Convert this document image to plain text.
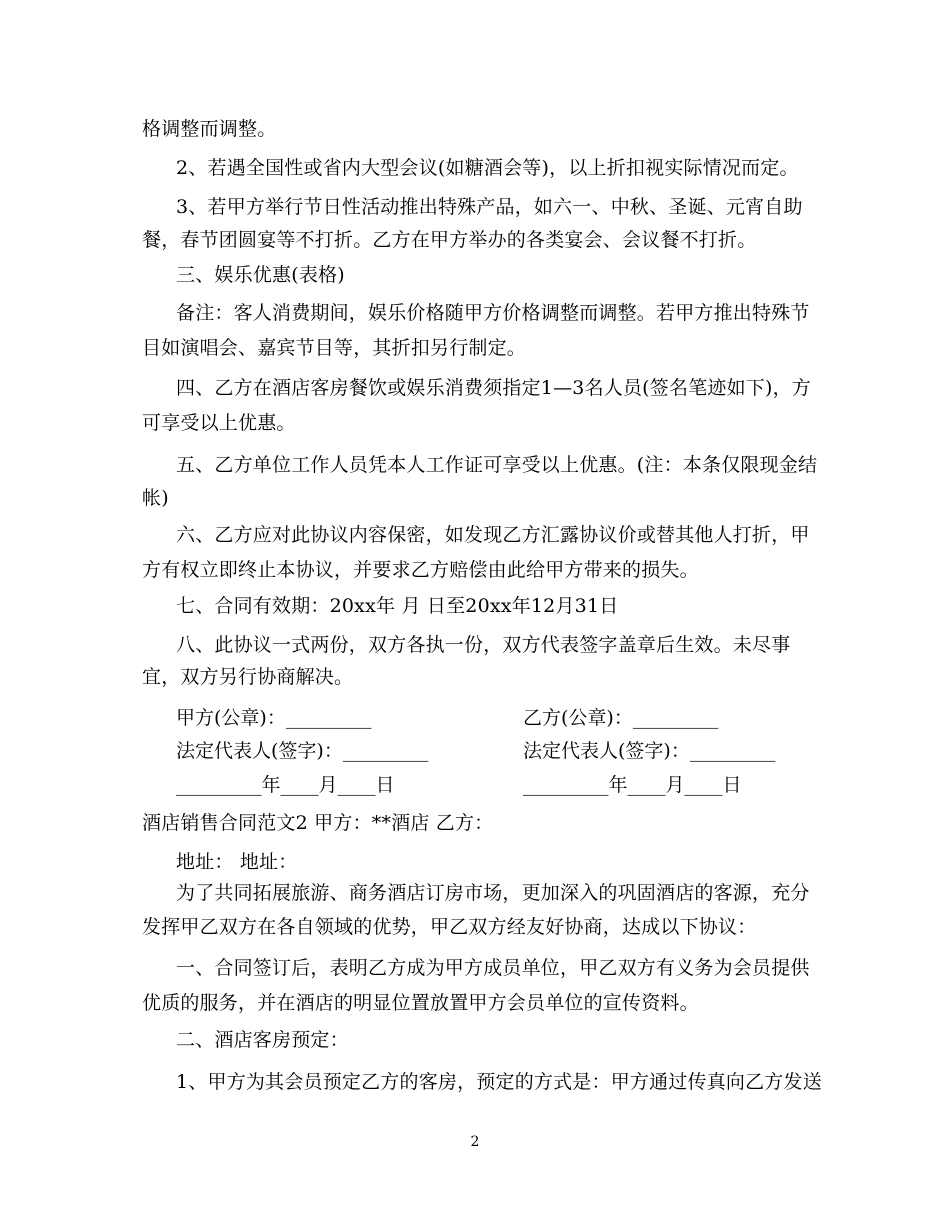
格调整而调整。
2、若遇全国性或省内大型会议(如糖酒会等)，以上折扣视实际情况而定。
3、若甲方举行节日性活动推出特殊产品，如六一、中秋、圣诞、元宵自助
餐，春节团圆宴等不打折。乙方在甲方举办的各类宴会、会议餐不打折。
三、娱乐优惠(表格)
备注：客人消费期间，娱乐价格随甲方价格调整而调整。若甲方推出特殊节
目如演唱会、嘉宾节目等，其折扣另行制定。
四、乙方在酒店客房餐饮或娱乐消费须指定1—3名人员(签名笔迹如下)，方
可享受以上优惠。
五、乙方单位工作人员凭本人工作证可享受以上优惠。(注：本条仅限现金结
帐)
六、乙方应对此协议内容保密，如发现乙方汇露协议价或替其他人打折，甲
方有权立即终止本协议，并要求乙方赔偿由此给甲方带来的损失。
七、合同有效期：20xx年 月 日至20xx年12月31日
八、此协议一式两份，双方各执一份，双方代表签字盖章后生效。未尽事
宜，双方另行协商解决。
甲方(公章)：_________	乙方(公章)：_________
法定代表人(签字)：_________	法定代表人(签字)：_________
_________年____月____日	_________年____月____日
酒店销售合同范文2 甲方：**酒店 乙方：
地址： 地址：
为了共同拓展旅游、商务酒店订房市场，更加深入的巩固酒店的客源，充分
发挥甲乙双方在各自领域的优势，甲乙双方经友好协商，达成以下协议：
一、合同签订后，表明乙方成为甲方成员单位，甲乙双方有义务为会员提供
优质的服务，并在酒店的明显位置放置甲方会员单位的宣传资料。
二、酒店客房预定：
2
1、甲方为其会员预定乙方的客房，预定的方式是：甲方通过传真向乙方发送
